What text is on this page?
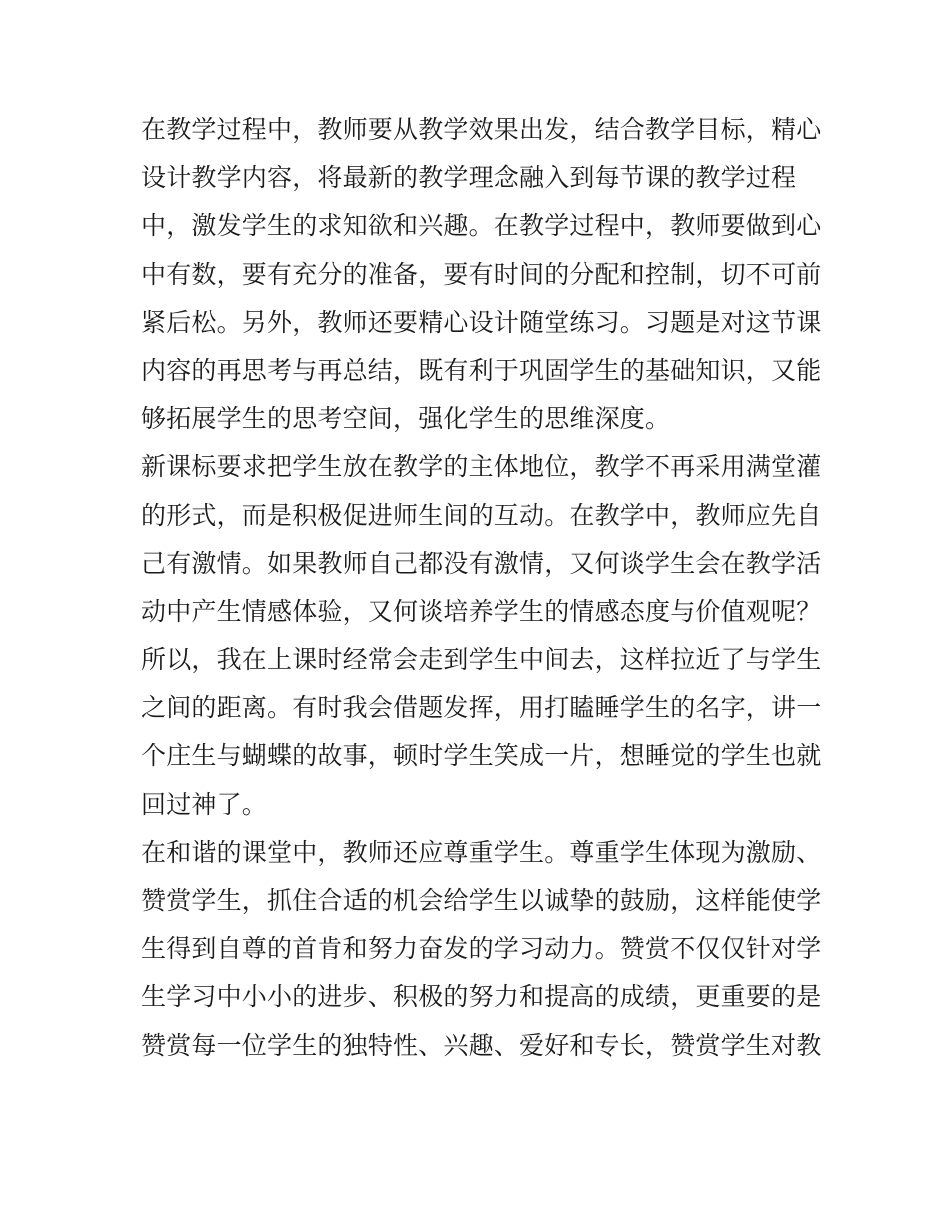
在教学过程中，教师要从教学效果出发，结合教学目标，精心
设计教学内容，将最新的教学理念融入到每节课的教学过程
中，激发学生的求知欲和兴趣。在教学过程中，教师要做到心
中有数，要有充分的准备，要有时间的分配和控制，切不可前
紧后松。另外，教师还要精心设计随堂练习。习题是对这节课
内容的再思考与再总结，既有利于巩固学生的基础知识，又能
够拓展学生的思考空间，强化学生的思维深度。
新课标要求把学生放在教学的主体地位，教学不再采用满堂灌
的形式，而是积极促进师生间的互动。在教学中，教师应先自
己有激情。如果教师自己都没有激情，又何谈学生会在教学活
动中产生情感体验，又何谈培养学生的情感态度与价值观呢？
所以，我在上课时经常会走到学生中间去，这样拉近了与学生
之间的距离。有时我会借题发挥，用打瞌睡学生的名字，讲一
个庄生与蝴蝶的故事，顿时学生笑成一片，想睡觉的学生也就
回过神了。
在和谐的课堂中，教师还应尊重学生。尊重学生体现为激励、
赞赏学生，抓住合适的机会给学生以诚挚的鼓励，这样能使学
生得到自尊的首肯和努力奋发的学习动力。赞赏不仅仅针对学
生学习中小小的进步、积极的努力和提高的成绩，更重要的是
赞赏每一位学生的独特性、兴趣、爱好和专长，赞赏学生对教
